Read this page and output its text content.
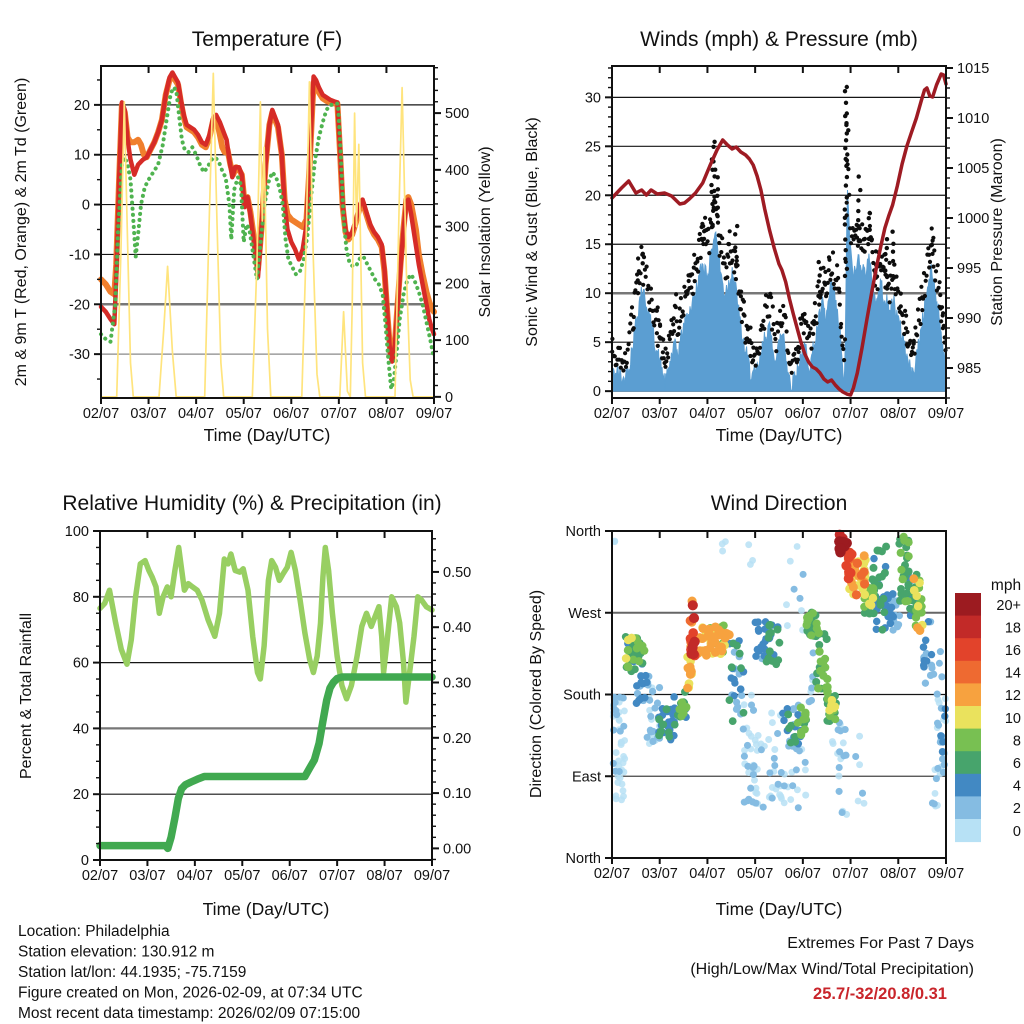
-30
-20
-10
0
10
20
0
100
200
300
400
500
02/07 03/07 04/07 05/07 06/07 07/07 08/07 09/07
0
5
10
15
20
25
30
985
990
995
1000
1005
1010
1015
02/07 03/07 04/07 05/07 06/07 07/07 08/07 09/07
0
20
40
60
80
100
0.00
0.10
0.20
0.30
0.40
0.50
02/07 03/07 04/07 05/07 06/07 07/07 08/07 09/07
North
East
South
West
North
02/07 03/07 04/07 05/07 06/07 07/07 08/07 09/07
20+
18
16
14
12
10
8
6
4
2
0
Temperature (F)	Winds (mph) & Pressure (mb)
Relative Humidity (%) & Precipitation (in)	Wind Direction
Time (Day/UTC)	Time (Day/UTC)
Time (Day/UTC)	Time (Day/UTC)
2m & 9m T (Red, Orange) & 2m Td (Green)	Solar Insolation (Yellow) Sonic Wind & Gust (Blue, Black)	Station Pressure (Maroon)
Percent & Total Rainfall	Direction (Colored By Speed)
mph
Location: Philadelphia
Station elevation: 130.912 m
Station lat/lon: 44.1935; -75.7159
Figure created on Mon, 2026-02-09, at 07:34 UTC
Most recent data timestamp: 2026/02/09 07:15:00
Extremes For Past 7 Days
(High/Low/Max Wind/Total Precipitation)
25.7/-32/20.8/0.31
